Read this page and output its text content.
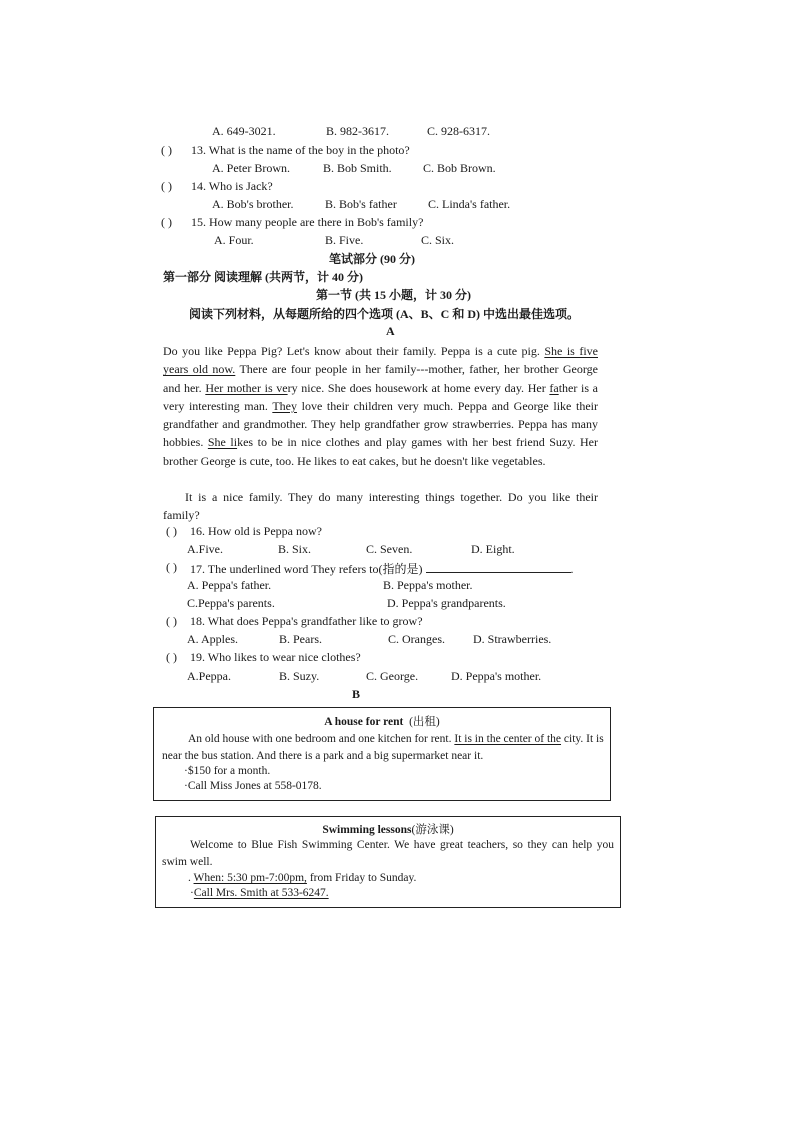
A. 649-3021.	B. 982-3617.	C. 928-6317.
( ) 13. What is the name of the boy in the photo?
A. Peter Brown.	B. Bob Smith.	C. Bob Brown.
( ) 14. Who is Jack?
A. Bob's brother.	B. Bob's father	C. Linda's father.
( ) 15. How many people are there in Bob's family?
A. Four.	B. Five.	C. Six.
笔试部分 (90 分)
第一部分 阅读理解 (共两节，计 40 分)
第一节 (共 15 小题，计 30 分)
阅读下列材料，从每题所给的四个选项 (A、B、C 和 D) 中选出最佳选项。
A
Do you like Peppa Pig? Let's know about their family. Peppa is a cute pig. She is five years old now. There are four people in her family---mother, father, her brother George and her. Her mother is very nice. She does housework at home every day. Her father is a very interesting man. They love their children very much. Peppa and George like their grandfather and grandmother. They help grandfather grow strawberries. Peppa has many hobbies. She likes to be in nice clothes and play games with her best friend Suzy. Her brother George is cute, too. He likes to eat cakes, but he doesn't like vegetables.
It is a nice family. They do many interesting things together. Do you like their family?
( ) 16. How old is Peppa now?
A.Five.	B. Six.	C. Seven.	D. Eight.
( ) 17. The underlined word They refers to(指的是)	.
A. Peppa's father.	B. Peppa's mother.
C.Peppa's parents.	D. Peppa's grandparents.
( ) 18. What does Peppa's grandfather like to grow?
A. Apples.	B. Pears.	C. Oranges. D. Strawberries.
( ) 19. Who likes to wear nice clothes?
A.Peppa.	B. Suzy.	C. George.	D. Peppa's mother.
B
A house for rent (出租)
An old house with one bedroom and one kitchen for rent. It is in the center of the city. It is near the bus station. And there is a park and a big supermarket near it.
·$150 for a month.
·Call Miss Jones at 558-0178.
Swimming lessons(游泳课)
Welcome to Blue Fish Swimming Center. We have great teachers, so they can help you swim well.
. When: 5:30 pm-7:00pm, from Friday to Sunday.
·Call Mrs. Smith at 533-6247.
